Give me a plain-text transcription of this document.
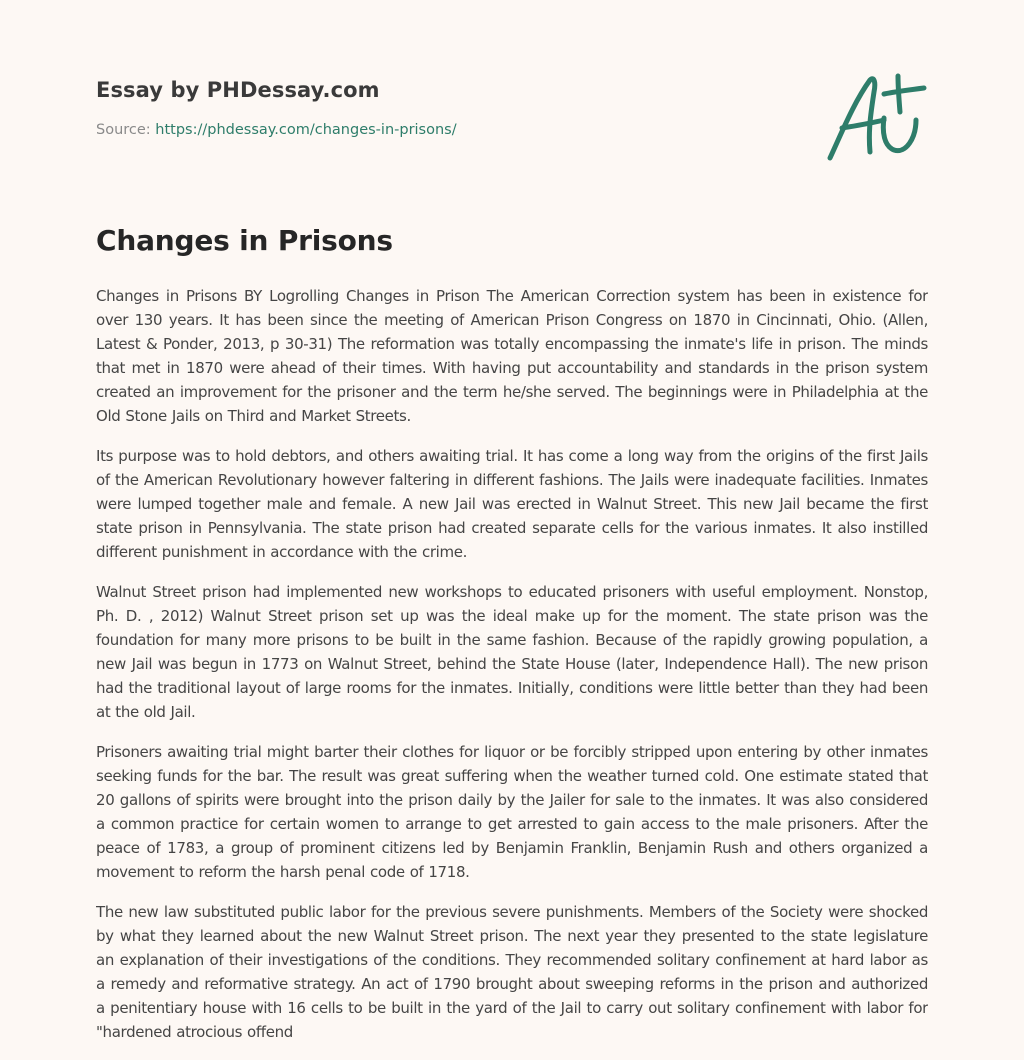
Essay by PHDessay.com
Source: https://phdessay.com/changes-in-prisons/
Changes in Prisons

Changes in Prisons BY Logrolling Changes in Prison The American Correction system has been in existence for over 130 years. It has been since the meeting of American Prison Congress on 1870 in Cincinnati, Ohio. (Allen, Latest & Ponder, 2013, p 30-31) The reformation was totally encompassing the inmate's life in prison. The minds that met in 1870 were ahead of their times. With having put accountability and standards in the prison system created an improvement for the prisoner and the term he/she served. The beginnings were in Philadelphia at the Old Stone Jails on Third and Market Streets.

Its purpose was to hold debtors, and others awaiting trial. It has come a long way from the origins of the first Jails of the American Revolutionary however faltering in different fashions. The Jails were inadequate facilities. Inmates were lumped together male and female. A new Jail was erected in Walnut Street. This new Jail became the first state prison in Pennsylvania. The state prison had created separate cells for the various inmates. It also instilled different punishment in accordance with the crime.

Walnut Street prison had implemented new workshops to educated prisoners with useful employment. Nonstop, Ph. D. , 2012) Walnut Street prison set up was the ideal make up for the moment. The state prison was the foundation for many more prisons to be built in the same fashion. Because of the rapidly growing population, a new Jail was begun in 1773 on Walnut Street, behind the State House (later, Independence Hall). The new prison had the traditional layout of large rooms for the inmates. Initially, conditions were little better than they had been at the old Jail.

Prisoners awaiting trial might barter their clothes for liquor or be forcibly stripped upon entering by other inmates seeking funds for the bar. The result was great suffering when the weather turned cold. One estimate stated that 20 gallons of spirits were brought into the prison daily by the Jailer for sale to the inmates. It was also considered a common practice for certain women to arrange to get arrested to gain access to the male prisoners. After the peace of 1783, a group of prominent citizens led by Benjamin Franklin, Benjamin Rush and others organized a movement to reform the harsh penal code of 1718.

The new law substituted public labor for the previous severe punishments. Members of the Society were shocked by what they learned about the new Walnut Street prison. The next year they presented to the state legislature an explanation of their investigations of the conditions. They recommended solitary confinement at hard labor as a remedy and reformative strategy. An act of 1790 brought about sweeping reforms in the prison and authorized a penitentiary house with 16 cells to be built in the yard of the Jail to carry out solitary confinement with labor for "hardened atrocious offend
